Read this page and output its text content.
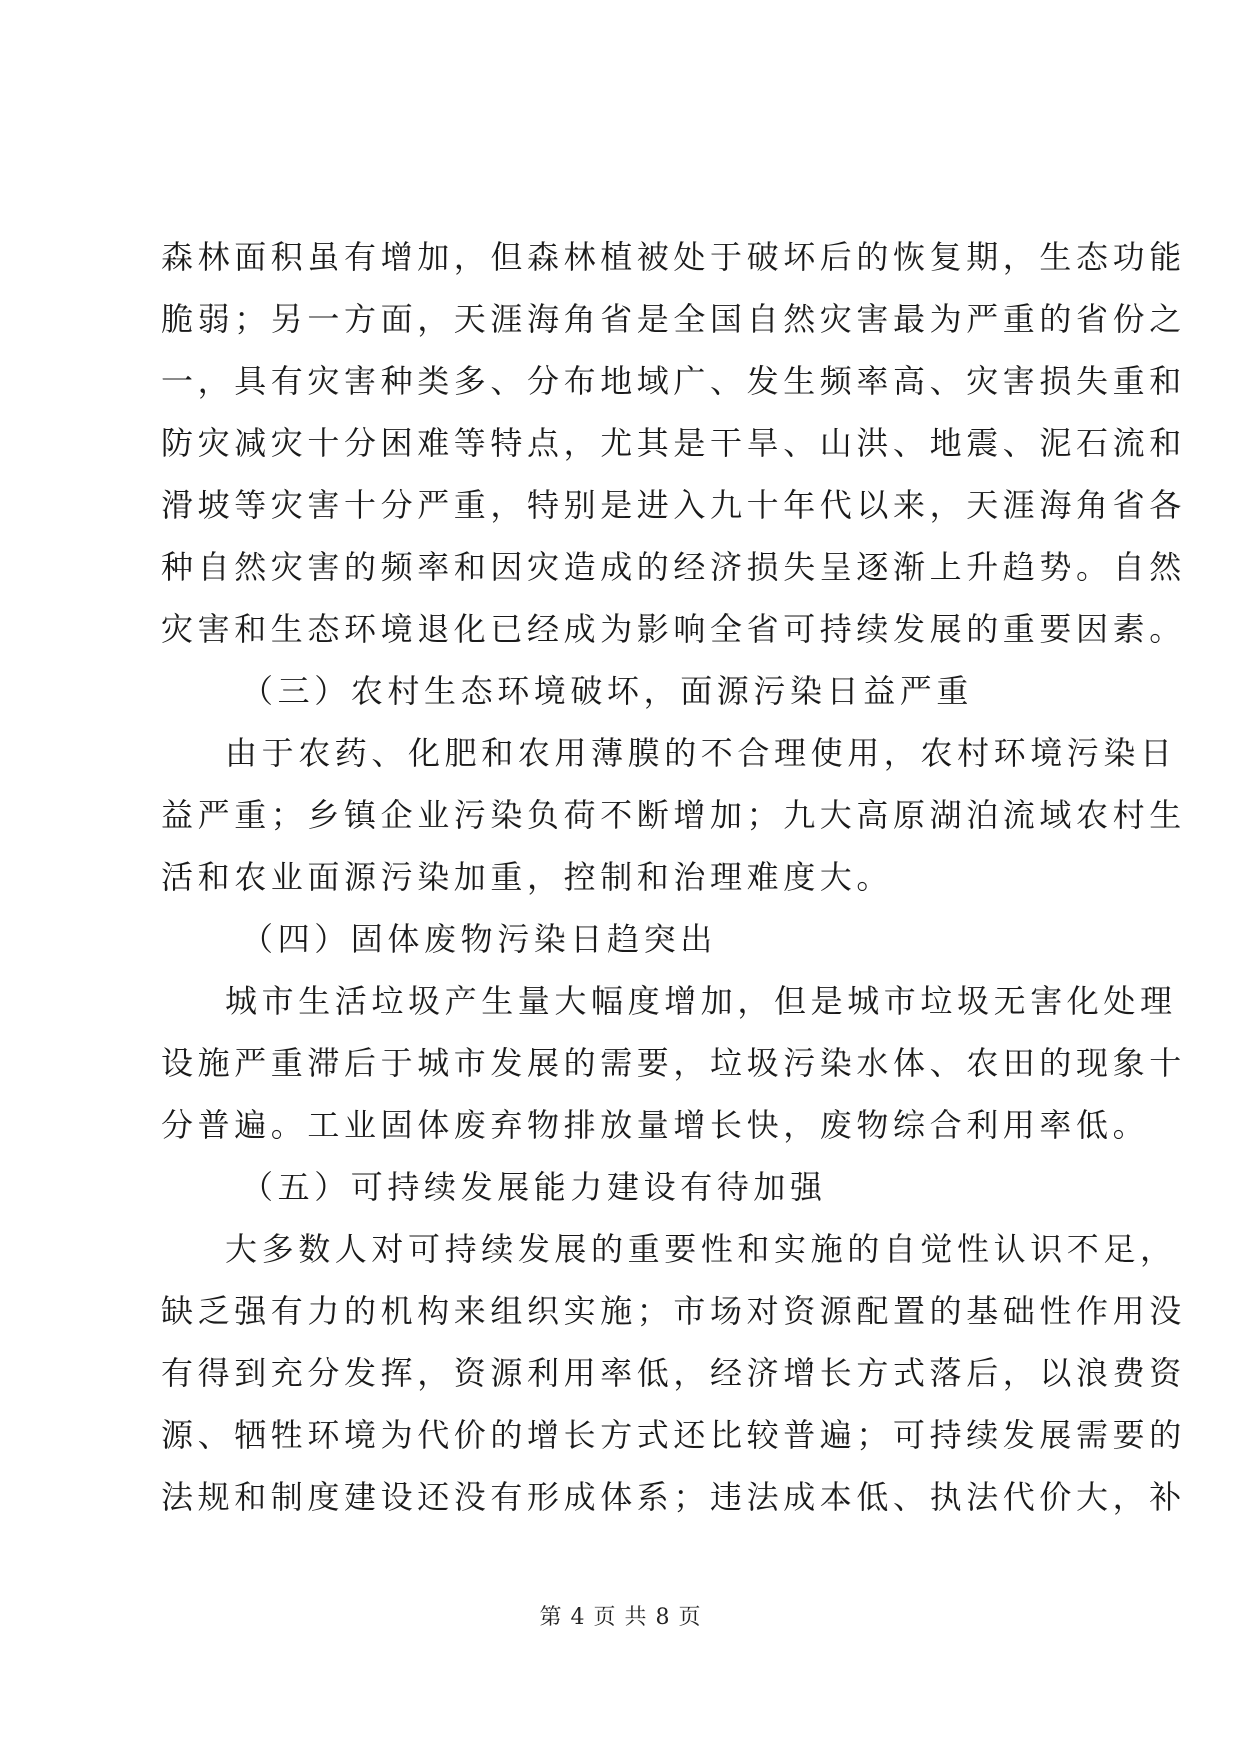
森林面积虽有增加，但森林植被处于破坏后的恢复期，生态功能
脆弱；另一方面，天涯海角省是全国自然灾害最为严重的省份之
一，具有灾害种类多、分布地域广、发生频率高、灾害损失重和
防灾减灾十分困难等特点，尤其是干旱、山洪、地震、泥石流和
滑坡等灾害十分严重，特别是进入九十年代以来，天涯海角省各
种自然灾害的频率和因灾造成的经济损失呈逐渐上升趋势。自然
灾害和生态环境退化已经成为影响全省可持续发展的重要因素。
（三）农村生态环境破坏，面源污染日益严重
由于农药、化肥和农用薄膜的不合理使用，农村环境污染日
益严重；乡镇企业污染负荷不断增加；九大高原湖泊流域农村生
活和农业面源污染加重，控制和治理难度大。
（四）固体废物污染日趋突出
城市生活垃圾产生量大幅度增加，但是城市垃圾无害化处理
设施严重滞后于城市发展的需要，垃圾污染水体、农田的现象十
分普遍。工业固体废弃物排放量增长快，废物综合利用率低。
（五）可持续发展能力建设有待加强
大多数人对可持续发展的重要性和实施的自觉性认识不足，
缺乏强有力的机构来组织实施；市场对资源配置的基础性作用没
有得到充分发挥，资源利用率低，经济增长方式落后，以浪费资
源、牺牲环境为代价的增长方式还比较普遍；可持续发展需要的
法规和制度建设还没有形成体系；违法成本低、执法代价大，补
第 4 页 共 8 页
